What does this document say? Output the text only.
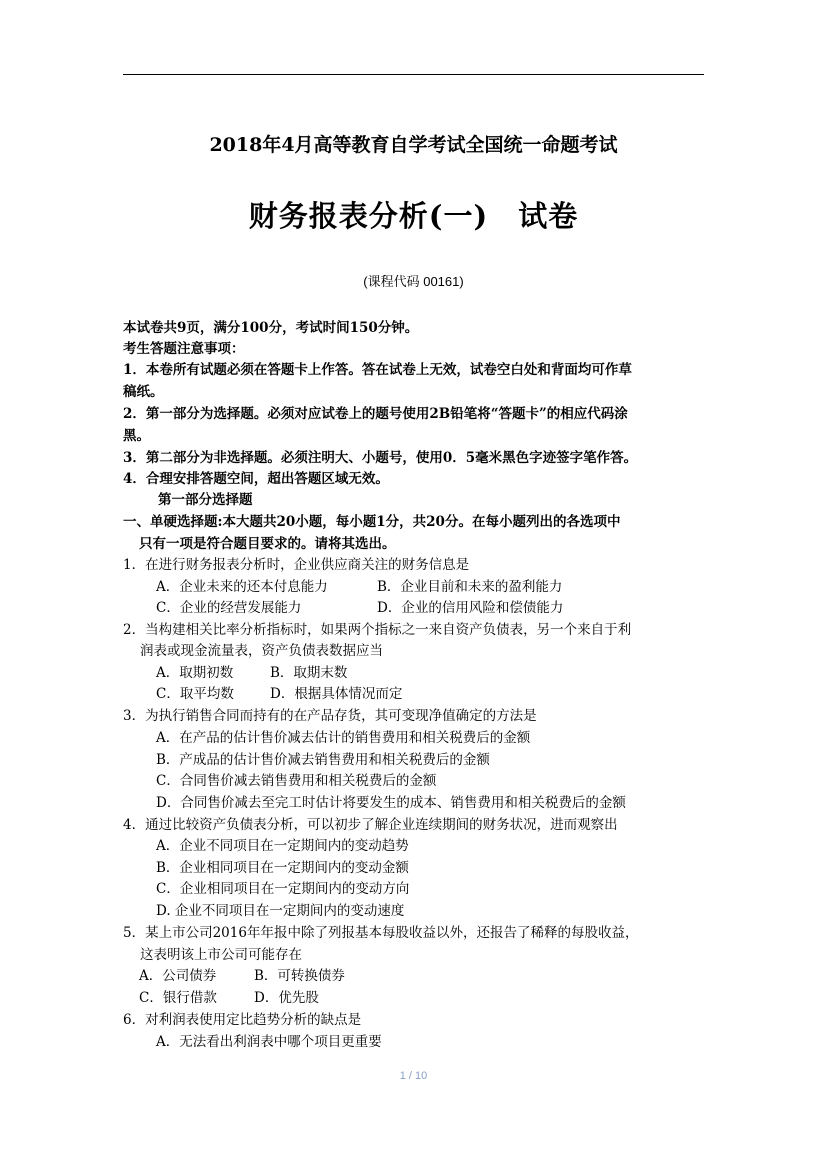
2018年4月高等教育自学考试全国统一命题考试
财务报表分析(一)　试卷
(课程代码 00161)
本试卷共9页，满分100分，考试时间150分钟。
考生答题注意事项：
1．本卷所有试题必须在答题卡上作答。答在试卷上无效，试卷空白处和背面均可作草
稿纸。
2．第一部分为选择题。必须对应试卷上的题号使用2B铅笔将“答题卡”的相应代码涂
黑。
3．第二部分为非选择题。必须注明大、小题号，使用0．5毫米黑色字迹签字笔作答。
4．合理安排答题空间，超出答题区域无效。
第一部分选择题
一、单硬选择题:本大题共20小题，每小题1分，共20分。在每小题列出的各选项中
只有一项是符合题目要求的。请将其选出。
1．在进行财务报表分析时，企业供应商关注的财务信息是
A．企业未来的还本付息能力	B．企业目前和未来的盈利能力
C．企业的经营发展能力	D．企业的信用风险和偿债能力
2．当构建相关比率分析指标时，如果两个指标之一来自资产负债表，另一个来自于利
润表或现金流量表，资产负债表数据应当
A．取期初数	B．取期末数
C．取平均数	D．根据具体情况而定
3．为执行销售合同而持有的在产品存货，其可变现净值确定的方法是
A．在产品的估计售价减去估计的销售费用和相关税费后的金额
B．产成品的估计售价减去销售费用和相关税费后的金额
C．合同售价减去销售费用和相关税费后的金额
D．合同售价减去至完工时估计将要发生的成本、销售费用和相关税费后的金额
4．通过比较资产负债表分析，可以初步了解企业连续期间的财务状况，进而观察出
A．企业不同项目在一定期间内的变动趋势
B．企业相同项目在一定期间内的变动金额
C．企业相同项目在一定期间内的变动方向
D. 企业不同项目在一定期间内的变动速度
5．某上市公司2016年年报中除了列报基本每股收益以外，还报告了稀释的每股收益，
这表明该上市公司可能存在
A．公司债券	B．可转换债券
C．银行借款	D．优先股
6．对利润表使用定比趋势分析的缺点是
A．无法看出利润表中哪个项目更重要
1 / 10
